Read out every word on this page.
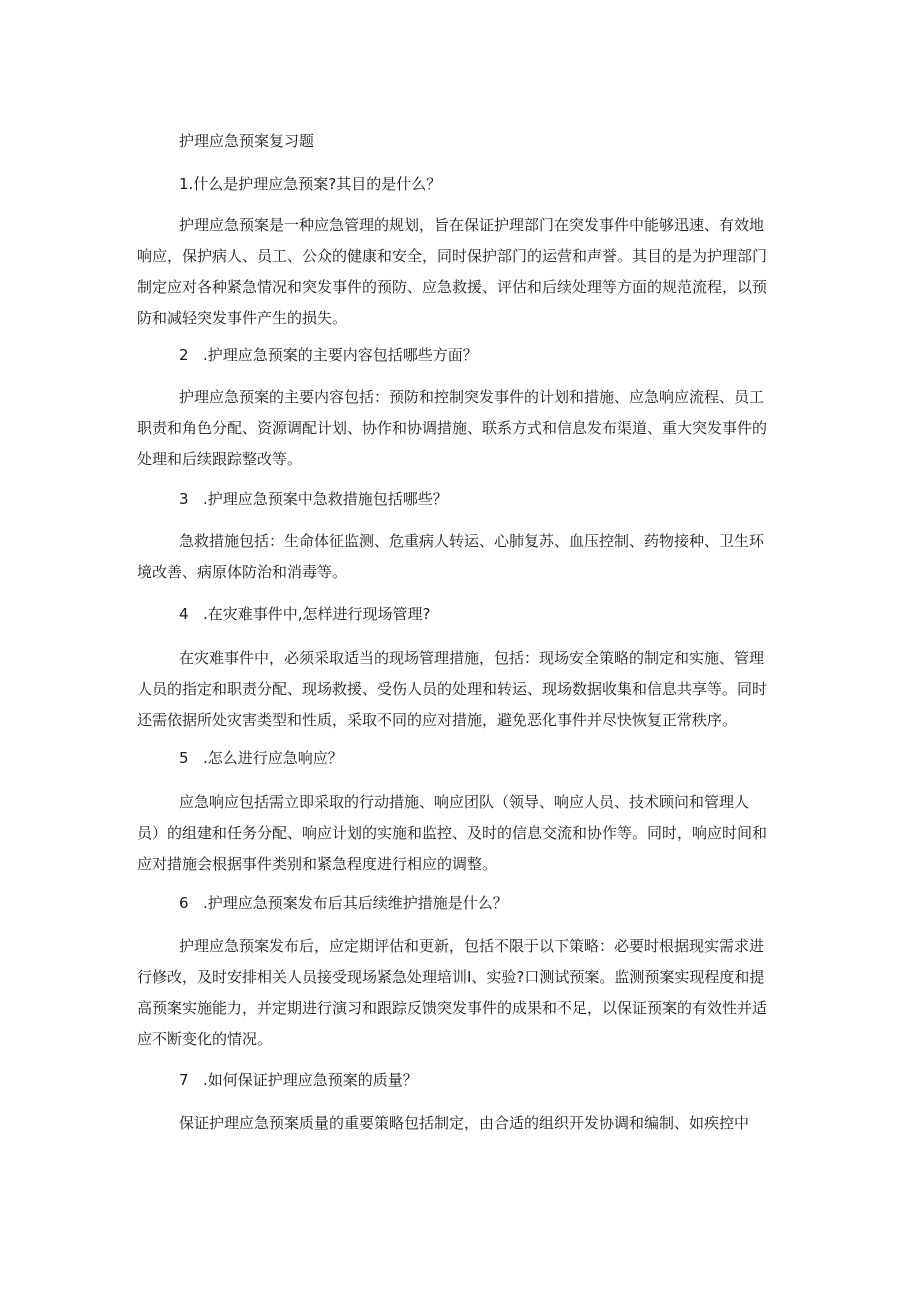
护理应急预案复习题
1.什么是护理应急预案?其目的是什么？
护理应急预案是一种应急管理的规划，旨在保证护理部门在突发事件中能够迅速、有效地
响应，保护病人、员工、公众的健康和安全，同时保护部门的运营和声誉。其目的是为护理部门
制定应对各种紧急情况和突发事件的预防、应急救援、评估和后续处理等方面的规范流程，以预
防和减轻突发事件产生的损失。
2 .护理应急预案的主要内容包括哪些方面？
护理应急预案的主要内容包括：预防和控制突发事件的计划和措施、应急响应流程、员工
职责和角色分配、资源调配计划、协作和协调措施、联系方式和信息发布渠道、重大突发事件的
处理和后续跟踪整改等。
3 .护理应急预案中急救措施包括哪些？
急救措施包括：生命体征监测、危重病人转运、心肺复苏、血压控制、药物接种、卫生环
境改善、病原体防治和消毒等。
4 .在灾难事件中,怎样进行现场管理?
在灾难事件中，必须采取适当的现场管理措施，包括：现场安全策略的制定和实施、管理
人员的指定和职责分配、现场救援、受伤人员的处理和转运、现场数据收集和信息共享等。同时
还需依据所处灾害类型和性质，采取不同的应对措施，避免恶化事件并尽快恢复正常秩序。
5 .怎么进行应急响应？
应急响应包括需立即采取的行动措施、响应团队（领导、响应人员、技术顾问和管理人
员）的组建和任务分配、响应计划的实施和监控、及时的信息交流和协作等。同时，响应时间和
应对措施会根据事件类别和紧急程度进行相应的调整。
6 .护理应急预案发布后其后续维护措施是什么？
护理应急预案发布后，应定期评估和更新，包括不限于以下策略：必要时根据现实需求进
行修改，及时安排相关人员接受现场紧急处理培训I、实验?口测试预案。监测预案实现程度和提
高预案实施能力，并定期进行演习和跟踪反馈突发事件的成果和不足，以保证预案的有效性并适
应不断变化的情况。
7 .如何保证护理应急预案的质量？
保证护理应急预案质量的重要策略包括制定，由合适的组织开发协调和编制、如疾控中
